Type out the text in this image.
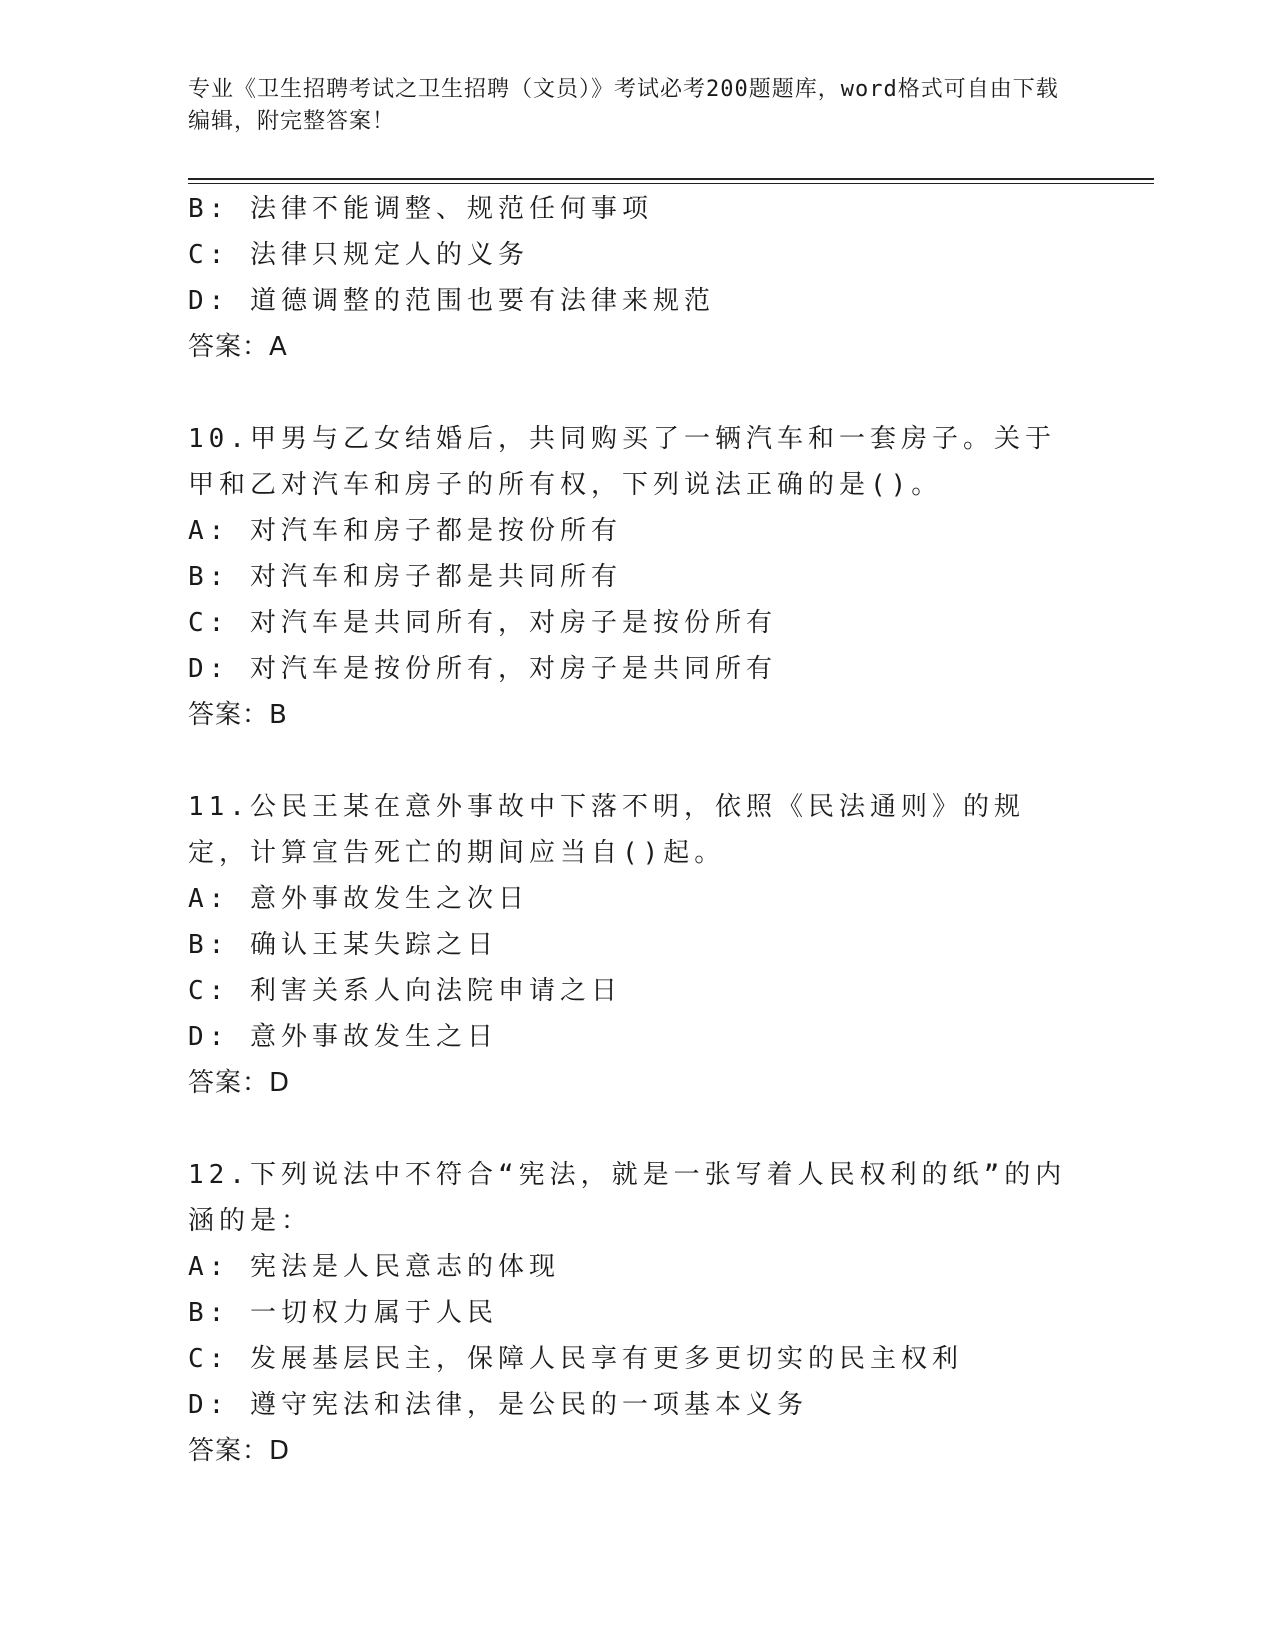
专业《卫生招聘考试之卫生招聘（文员）》考试必考200题题库，word格式可自由下载编辑，附完整答案！
B: 法律不能调整、规范任何事项
C: 法律只规定人的义务
D: 道德调整的范围也要有法律来规范
答案：A
10.甲男与乙女结婚后，共同购买了一辆汽车和一套房子。关于甲和乙对汽车和房子的所有权，下列说法正确的是()。
A: 对汽车和房子都是按份所有
B: 对汽车和房子都是共同所有
C: 对汽车是共同所有，对房子是按份所有
D: 对汽车是按份所有，对房子是共同所有
答案：B
11.公民王某在意外事故中下落不明，依照《民法通则》的规定，计算宣告死亡的期间应当自()起。
A: 意外事故发生之次日
B: 确认王某失踪之日
C: 利害关系人向法院申请之日
D: 意外事故发生之日
答案：D
12.下列说法中不符合“宪法，就是一张写着人民权利的纸”的内涵的是：
A: 宪法是人民意志的体现
B: 一切权力属于人民
C: 发展基层民主，保障人民享有更多更切实的民主权利
D: 遵守宪法和法律，是公民的一项基本义务
答案：D
